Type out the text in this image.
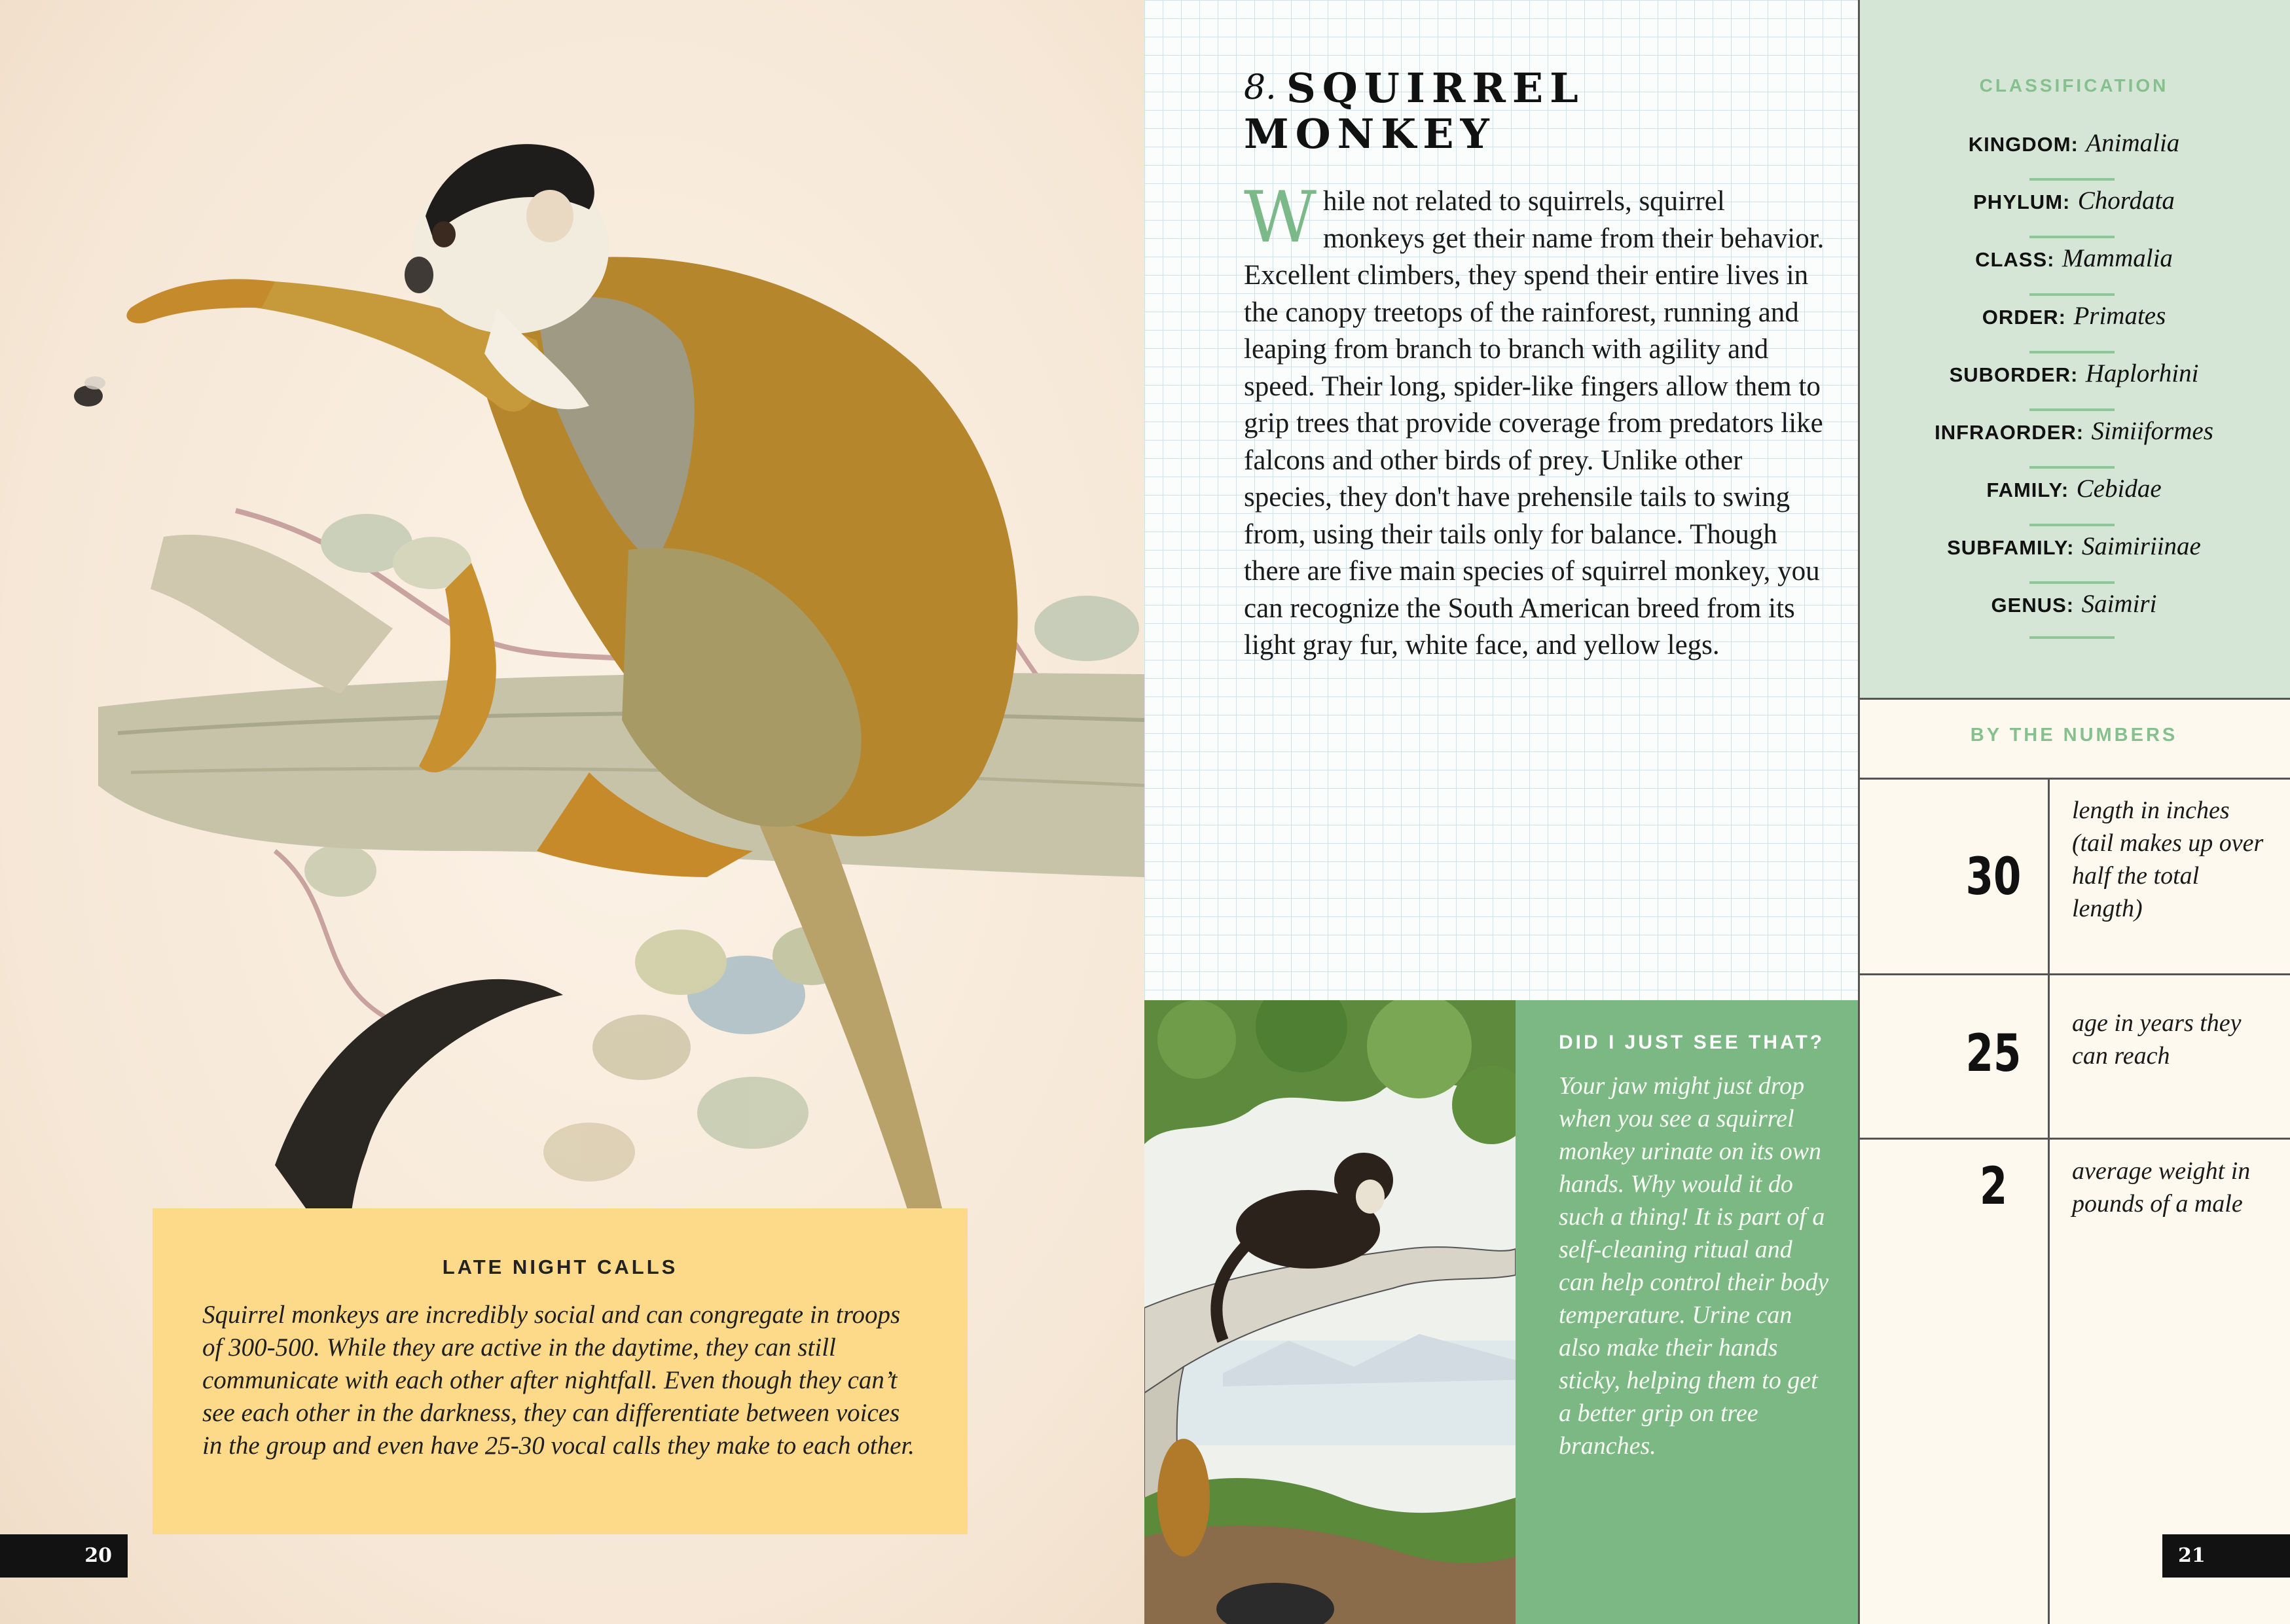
LATE NIGHT CALLS

Squirrel monkeys are incredibly social and can congregate in troops of 300-500. While they are active in the daytime, they can still communicate with each other after nightfall. Even though they can’t see each other in the darkness, they can differentiate between voices in the group and even have 25-30 vocal calls they make to each other.

20
8. SQUIRREL
MONKEY

While not related to squirrels, squirrel monkeys get their name from their behavior. Excellent climbers, they spend their entire lives in the canopy treetops of the rainforest, running and leaping from branch to branch with agility and speed. Their long, spider-like fingers allow them to grip trees that provide coverage from predators like falcons and other birds of prey. Unlike other species, they don't have prehensile tails to swing from, using their tails only for balance. Though there are five main species of squirrel monkey, you can recognize the South American breed from its light gray fur, white face, and yellow legs.

DID I JUST SEE THAT?

Your jaw might just drop when you see a squirrel monkey urinate on its own hands. Why would it do such a thing! It is part of a self-cleaning ritual and can help control their body temperature. Urine can also make their hands sticky, helping them to get a better grip on tree branches.

CLASSIFICATION
KINGDOM: Animalia
PHYLUM: Chordata
CLASS: Mammalia
ORDER: Primates
SUBORDER: Haplorhini
INFRAORDER: Simiiformes
FAMILY: Cebidae
SUBFAMILY: Saimiriinae
GENUS: Saimiri
BY THE NUMBERS
30

length in inches (tail makes up over half the total length)

25

age in years they can reach

2	average weight in pounds of a male

21
